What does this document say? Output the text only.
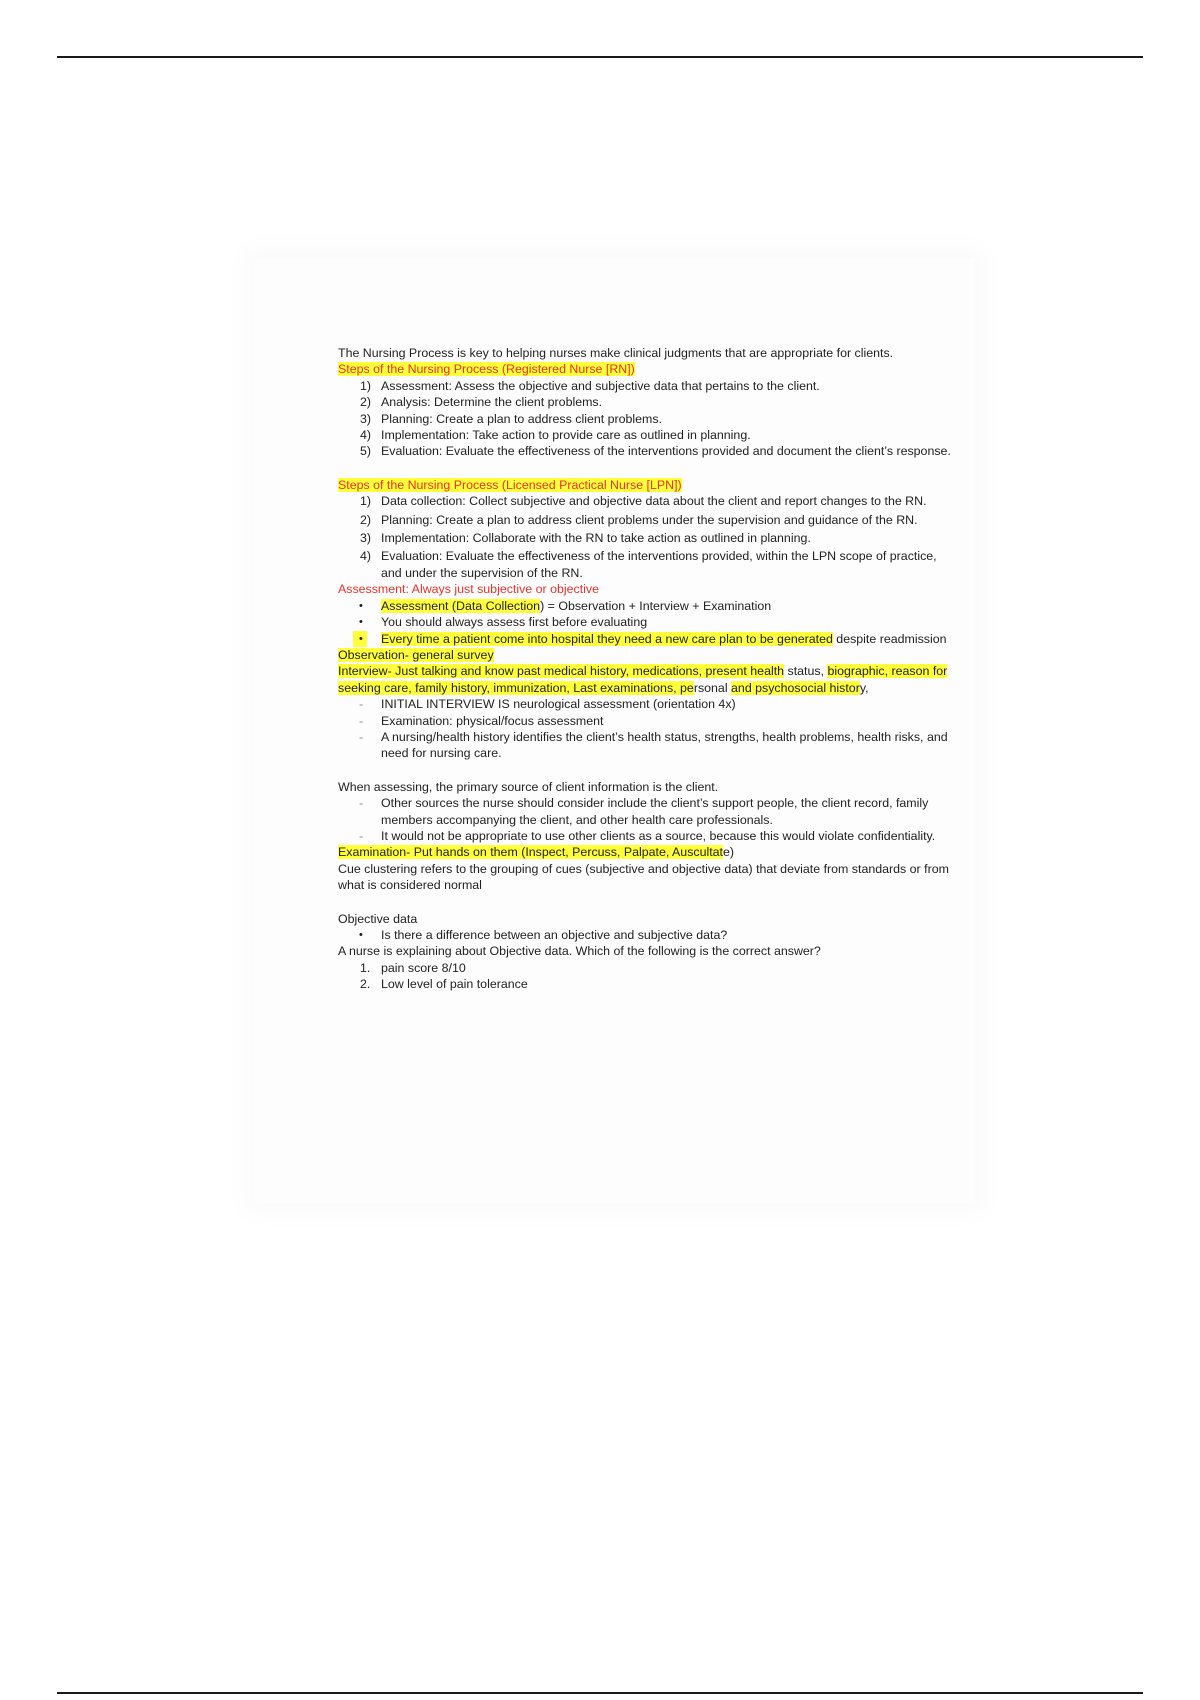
The Nursing Process is key to helping nurses make clinical judgments that are appropriate for clients.

Steps of the Nursing Process (Registered Nurse [RN])

1) Assessment: Assess the objective and subjective data that pertains to the client.
2) Analysis: Determine the client problems.
3) Planning: Create a plan to address client problems.
4) Implementation: Take action to provide care as outlined in planning.
5) Evaluation: Evaluate the effectiveness of the interventions provided and document the client’s response.

Steps of the Nursing Process (Licensed Practical Nurse [LPN])

1) Data collection: Collect subjective and objective data about the client and report changes to the RN.
2) Planning: Create a plan to address client problems under the supervision and guidance of the RN.
3) Implementation: Collaborate with the RN to take action as outlined in planning.
4) Evaluation: Evaluate the effectiveness of the interventions provided, within the LPN scope of practice, and under the supervision of the RN.

Assessment: Always just subjective or objective

• Assessment (Data Collection) = Observation + Interview + Examination
• You should always assess first before evaluating
•	Every time a patient come into hospital they need a new care plan to be generated despite readmission

Observation- general survey

Interview- Just talking and know past medical history, medications, present health status, biographic, reason for seeking care, family history, immunization, Last examinations, personal and psychosocial history,

- INITIAL INTERVIEW IS neurological assessment (orientation 4x)
- Examination: physical/focus assessment
- A nursing/health history identifies the client’s health status, strengths, health problems, health risks, and need for nursing care.

When assessing, the primary source of client information is the client.

- Other sources the nurse should consider include the client’s support people, the client record, family members accompanying the client, and other health care professionals.
- It would not be appropriate to use other clients as a source, because this would violate confidentiality.

Examination- Put hands on them (Inspect, Percuss, Palpate, Auscultate)

Cue clustering refers to the grouping of cues (subjective and objective data) that deviate from standards or from what is considered normal

Objective data

• Is there a difference between an objective and subjective data?

A nurse is explaining about Objective data. Which of the following is the correct answer?

1. pain score 8/10
2. Low level of pain tolerance
